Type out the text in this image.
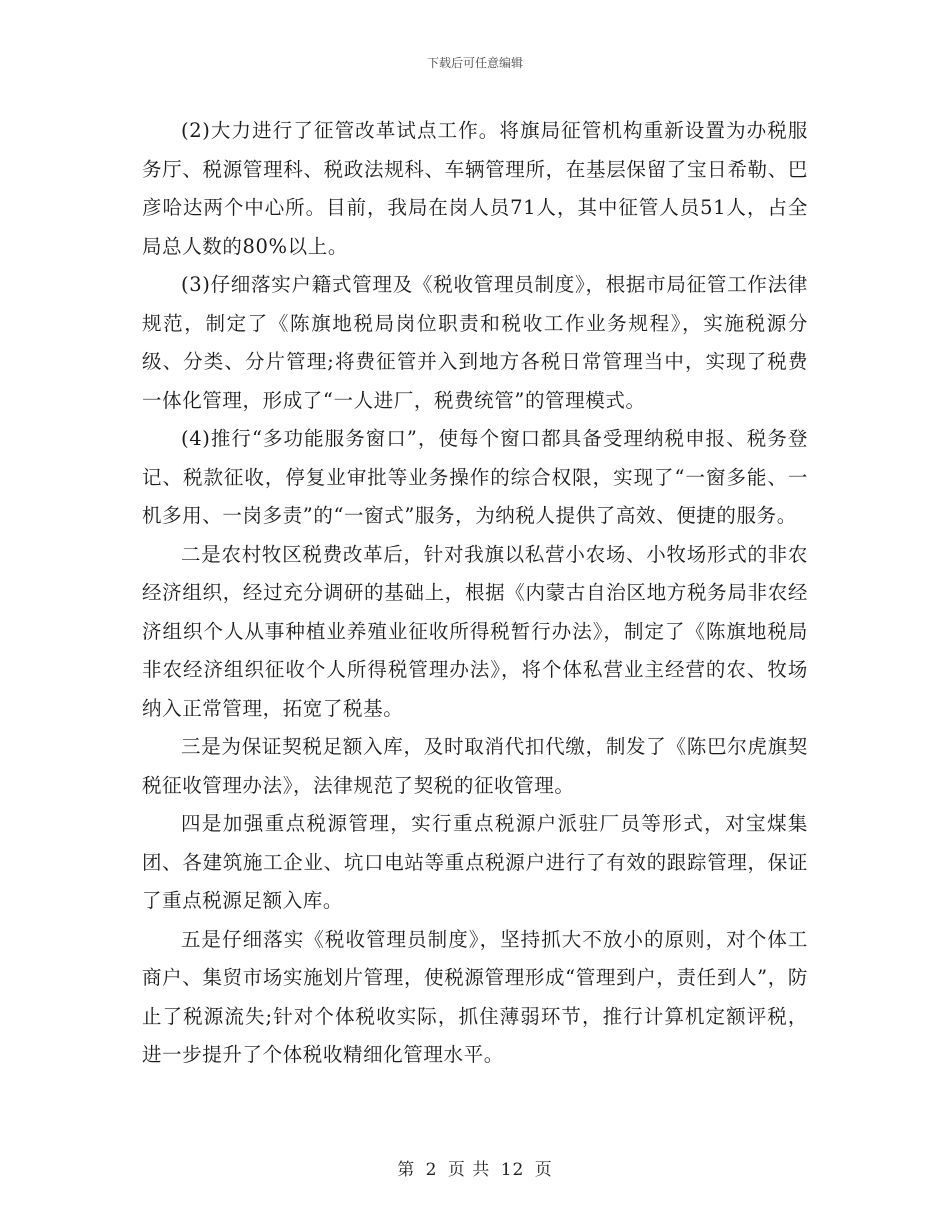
下载后可任意编辑

(2)大力进行了征管改革试点工作。将旗局征管机构重新设置为办税服务厅、税源管理科、税政法规科、车辆管理所，在基层保留了宝日希勒、巴彦哈达两个中心所。目前，我局在岗人员71人，其中征管人员51人，占全局总人数的80%以上。

(3)仔细落实户籍式管理及《税收管理员制度》，根据市局征管工作法律规范，制定了《陈旗地税局岗位职责和税收工作业务规程》，实施税源分级、分类、分片管理;将费征管并入到地方各税日常管理当中，实现了税费一体化管理，形成了“一人进厂，税费统管”的管理模式。

(4)推行“多功能服务窗口”，使每个窗口都具备受理纳税申报、税务登记、税款征收，停复业审批等业务操作的综合权限，实现了“一窗多能、一机多用、一岗多责”的“一窗式”服务，为纳税人提供了高效、便捷的服务。

二是农村牧区税费改革后，针对我旗以私营小农场、小牧场形式的非农经济组织，经过充分调研的基础上，根据《内蒙古自治区地方税务局非农经济组织个人从事种植业养殖业征收所得税暂行办法》，制定了《陈旗地税局非农经济组织征收个人所得税管理办法》，将个体私营业主经营的农、牧场纳入正常管理，拓宽了税基。

三是为保证契税足额入库，及时取消代扣代缴，制发了《陈巴尔虎旗契税征收管理办法》，法律规范了契税的征收管理。

四是加强重点税源管理，实行重点税源户派驻厂员等形式，对宝煤集团、各建筑施工企业、坑口电站等重点税源户进行了有效的跟踪管理，保证了重点税源足额入库。

五是仔细落实《税收管理员制度》，坚持抓大不放小的原则，对个体工商户、集贸市场实施划片管理，使税源管理形成“管理到户，责任到人”，防止了税源流失;针对个体税收实际，抓住薄弱环节，推行计算机定额评税，进一步提升了个体税收精细化管理水平。

第 2 页 共 12 页
